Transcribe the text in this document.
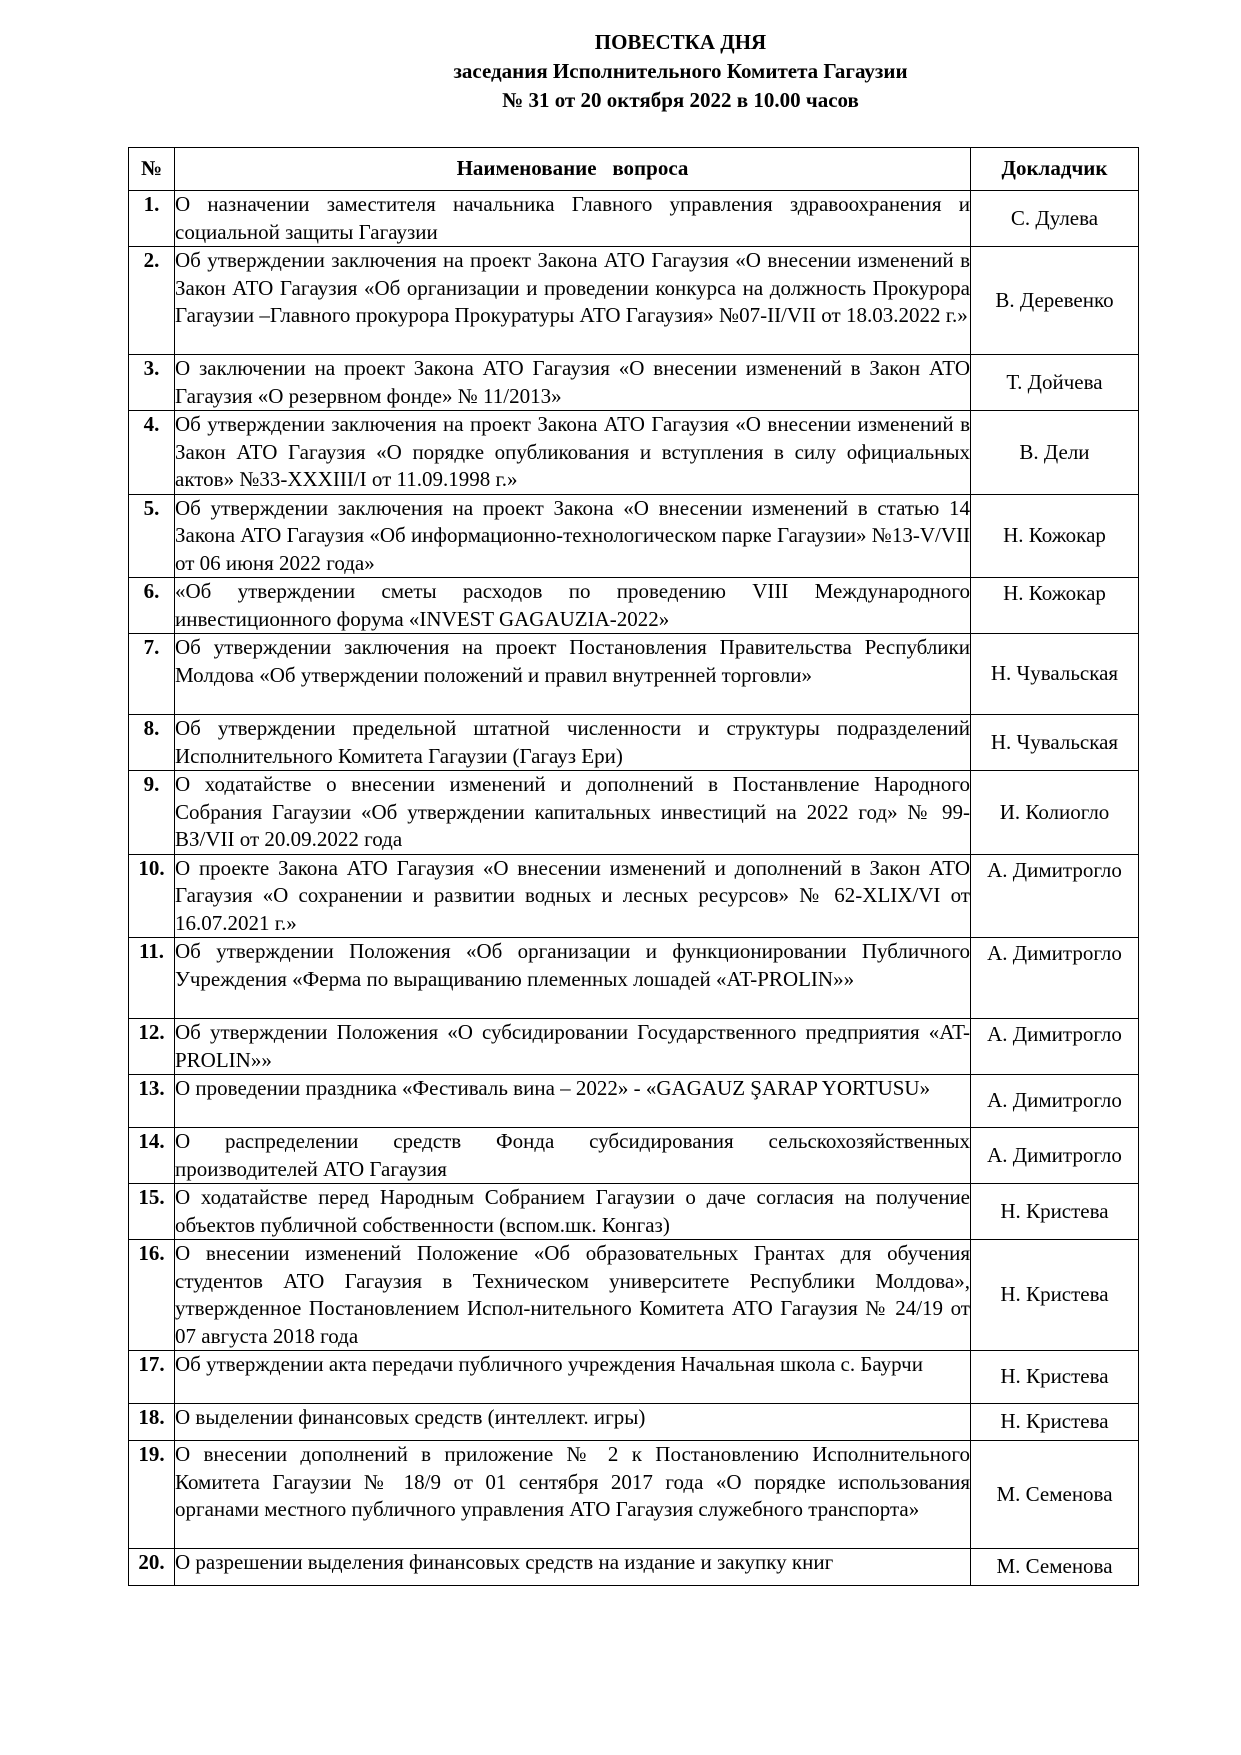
ПОВЕСТКА ДНЯ
заседания Исполнительного Комитета Гагаузии
№ 31 от 20 октября 2022 в 10.00 часов
№	Наименование   вопроса	Докладчик
1.	О назначении заместителя начальника Главного управления здравоохранения и социальной защиты Гагаузии	С. Дулева
2.	Об утверждении заключения на проект Закона АТО Гагаузия «О внесении изменений в Закон АТО Гагаузия «Об организации и проведении конкурса на должность Прокурора Гагаузии –Главного прокурора Прокуратуры АТО Гагаузия» №07-II/VII от 18.03.2022 г.»	В. Деревенко
3.	О заключении на проект Закона АТО Гагаузия «О внесении изменений в Закон АТО Гагаузия «О резервном фонде» № 11/2013»	Т. Дойчева
4.	Об утверждении заключения на проект Закона АТО Гагаузия «О внесении изменений в Закон АТО Гагаузия «О порядке опубликования и вступления в силу официальных актов» №33-XXXIII/I от 11.09.1998 г.»	В. Дели
5.	Об утверждении заключения на проект Закона «О внесении изменений в статью 14 Закона АТО Гагаузия «Об информационно-технологическом парке Гагаузии» №13-V/VII от 06 июня 2022 года»	Н. Кожокар
6.	«Об утверждении сметы расходов по проведению VIII Международного инвестиционного форума «INVEST GAGAUZIA-2022»	Н. Кожокар
7.	Об утверждении заключения на проект Постановления Правительства Республики Молдова «Об утверждении положений и правил внутренней торговли»	Н. Чувальская
8.	Об утверждении предельной штатной численности и структуры подразделений Исполнительного Комитета Гагаузии (Гагауз Ери)	Н. Чувальская
9.	О ходатайстве о внесении изменений и дополнений в Постанвление Народного Собрания Гагаузии «Об утверждении капитальных инвестиций на 2022 год» № 99-ВЗ/VII от 20.09.2022 года	И. Колиогло
10.	О проекте Закона АТО Гагаузия «О внесении изменений и дополнений в Закон АТО Гагаузия «О сохранении и развитии водных и лесных ресурсов» № 62-XLIX/VI от 16.07.2021 г.»	А. Димитрогло
11.	Об утверждении Положения «Об организации и функционировании Публичного Учреждения «Ферма по выращиванию племенных лошадей «AT-PROLIN»»	А. Димитрогло
12.	Об утверждении Положения «О субсидировании Государственного предприятия «AT-PROLIN»»	А. Димитрогло
13.	О проведении праздника «Фестиваль вина – 2022» - «GAGAUZ ŞARAP YORTUSU»	А. Димитрогло
14.	О распределении средств Фонда субсидирования сельскохозяйственных производителей АТО Гагаузия	А. Димитрогло
15.	О ходатайстве перед Народным Собранием Гагаузии о даче согласия на получение объектов публичной собственности (вспом.шк. Конгаз)	Н. Кристева
16.	О внесении изменений Положение «Об образовательных Грантах для обучения студентов АТО Гагаузия в Техническом университете Республики Молдова», утвержденное Постановлением Испол-нительного Комитета АТО Гагаузия № 24/19 от 07 августа 2018 года	Н. Кристева
17.	Об утверждении акта передачи публичного учреждения Начальная школа с. Баурчи	Н. Кристева
18.	О выделении финансовых средств (интеллект. игры)	Н. Кристева
19.	О внесении дополнений в приложение № 2 к Постановлению Исполнительного Комитета Гагаузии № 18/9 от 01 сентября 2017 года «О порядке использования органами местного публичного управления АТО Гагаузия служебного транспорта»	М. Семенова
20.	О разрешении выделения финансовых средств на издание и закупку книг	М. Семенова
